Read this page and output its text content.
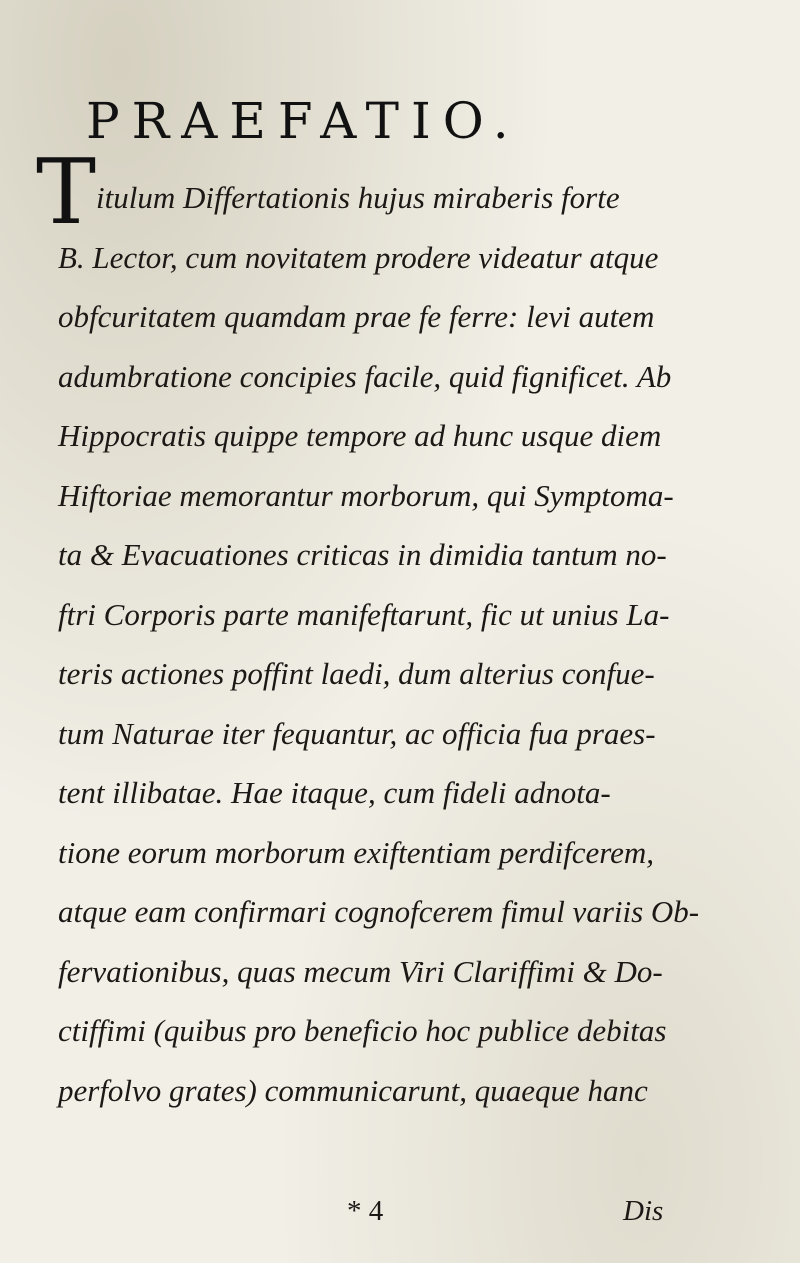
PRAEFATIO.
T itulum Differtationis hujus miraberis forte
B. Lector, cum novitatem prodere videatur atque
obfcuritatem quamdam prae fe ferre: levi autem
adumbratione concipies facile, quid fignificet. Ab
Hippocratis quippe tempore ad hunc usque diem
Hiftoriae memorantur morborum, qui Symptoma-
ta & Evacuationes criticas in dimidia tantum no-
ftri Corporis parte manifeftarunt, fic ut unius La-
teris actiones poffint laedi, dum alterius confue-
tum Naturae iter fequantur, ac officia fua praes-
tent illibatae. Hae itaque, cum fideli adnota-
tione eorum morborum exiftentiam perdifcerem,
atque eam confirmari cognofcerem fimul variis Ob-
fervationibus, quas mecum Viri Clariffimi & Do-
ctiffimi (quibus pro beneficio hoc publice debitas
perfolvo grates) communicarunt, quaeque hanc
* 4	Dis
